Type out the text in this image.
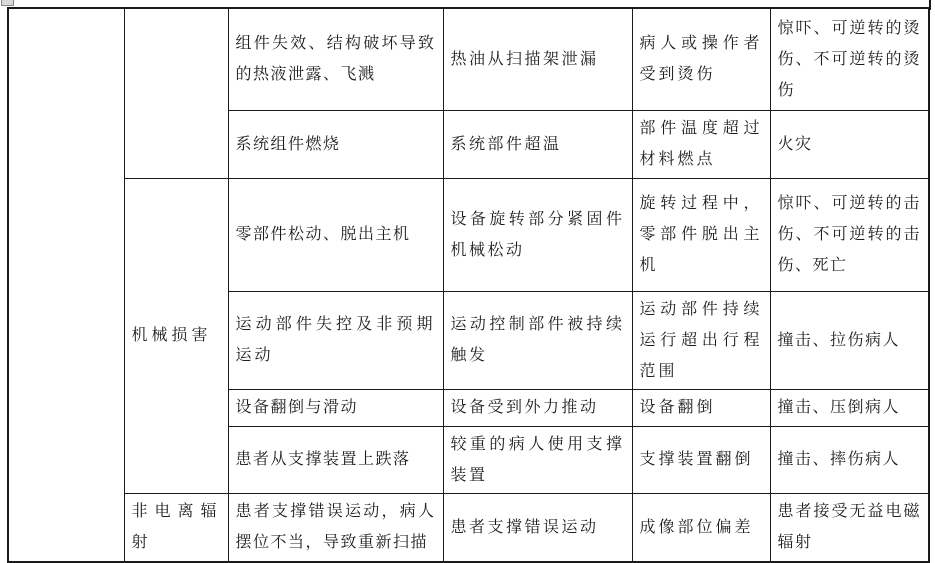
		组件失效、结构破坏导致的热液泄露、飞溅	热油从扫描架泄漏	病人或操作者受到烫伤	惊吓、可逆转的烫伤、不可逆转的烫伤
		系统组件燃烧	系统部件超温	部件温度超过材料燃点	火灾
	机械损害	零部件松动、脱出主机	设备旋转部分紧固件机械松动	旋转过程中，零部件脱出主机	惊吓、可逆转的击伤、不可逆转的击伤、死亡
		运动部件失控及非预期运动	运动控制部件被持续触发	运动部件持续运行超出行程范围	撞击、拉伤病人
		设备翻倒与滑动	设备受到外力推动	设备翻倒	撞击、压倒病人
		患者从支撑装置上跌落	较重的病人使用支撑装置	支撑装置翻倒	撞击、摔伤病人
	非电离辐射	患者支撑错误运动，病人摆位不当，导致重新扫描	患者支撑错误运动	成像部位偏差	患者接受无益电磁辐射
